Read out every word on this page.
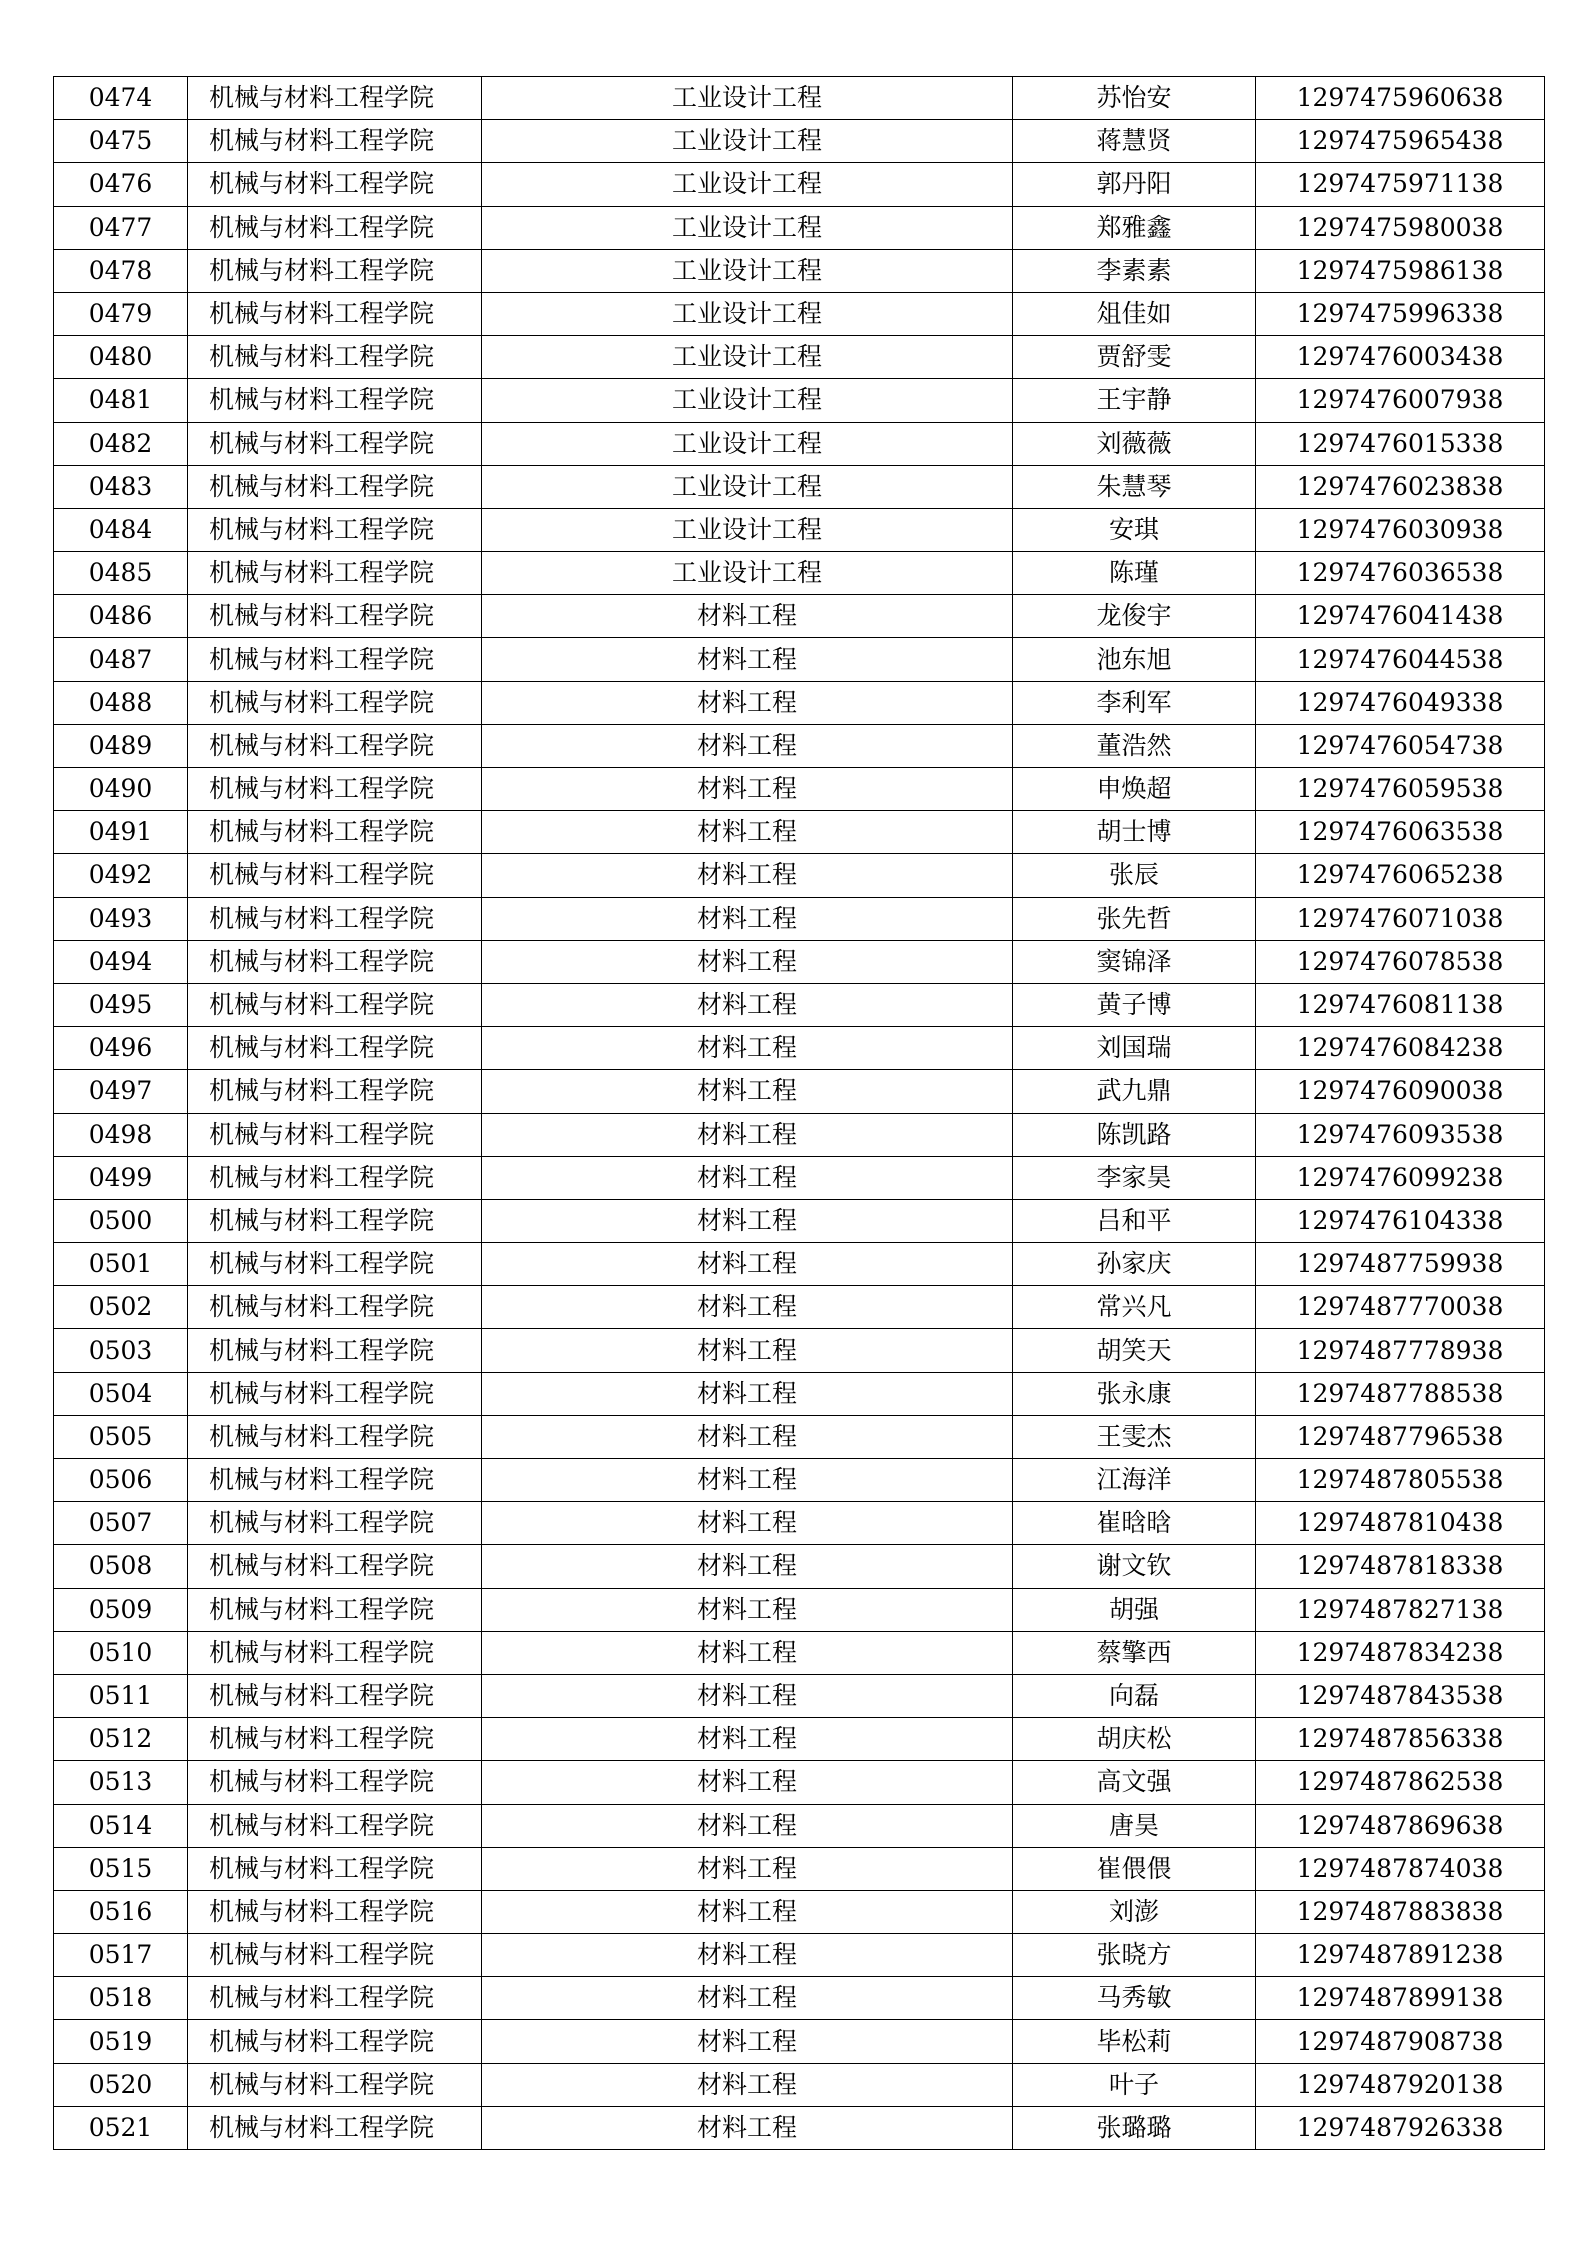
0474	机械与材料工程学院	工业设计工程	苏怡安	1297475960638
0475	机械与材料工程学院	工业设计工程	蒋慧贤	1297475965438
0476	机械与材料工程学院	工业设计工程	郭丹阳	1297475971138
0477	机械与材料工程学院	工业设计工程	郑雅鑫	1297475980038
0478	机械与材料工程学院	工业设计工程	李素素	1297475986138
0479	机械与材料工程学院	工业设计工程	俎佳如	1297475996338
0480	机械与材料工程学院	工业设计工程	贾舒雯	1297476003438
0481	机械与材料工程学院	工业设计工程	王宇静	1297476007938
0482	机械与材料工程学院	工业设计工程	刘薇薇	1297476015338
0483	机械与材料工程学院	工业设计工程	朱慧琴	1297476023838
0484	机械与材料工程学院	工业设计工程	安琪	1297476030938
0485	机械与材料工程学院	工业设计工程	陈瑾	1297476036538
0486	机械与材料工程学院	材料工程	龙俊宇	1297476041438
0487	机械与材料工程学院	材料工程	池东旭	1297476044538
0488	机械与材料工程学院	材料工程	李利军	1297476049338
0489	机械与材料工程学院	材料工程	董浩然	1297476054738
0490	机械与材料工程学院	材料工程	申焕超	1297476059538
0491	机械与材料工程学院	材料工程	胡士博	1297476063538
0492	机械与材料工程学院	材料工程	张辰	1297476065238
0493	机械与材料工程学院	材料工程	张先哲	1297476071038
0494	机械与材料工程学院	材料工程	窦锦泽	1297476078538
0495	机械与材料工程学院	材料工程	黄子博	1297476081138
0496	机械与材料工程学院	材料工程	刘国瑞	1297476084238
0497	机械与材料工程学院	材料工程	武九鼎	1297476090038
0498	机械与材料工程学院	材料工程	陈凯路	1297476093538
0499	机械与材料工程学院	材料工程	李家昊	1297476099238
0500	机械与材料工程学院	材料工程	吕和平	1297476104338
0501	机械与材料工程学院	材料工程	孙家庆	1297487759938
0502	机械与材料工程学院	材料工程	常兴凡	1297487770038
0503	机械与材料工程学院	材料工程	胡笑天	1297487778938
0504	机械与材料工程学院	材料工程	张永康	1297487788538
0505	机械与材料工程学院	材料工程	王雯杰	1297487796538
0506	机械与材料工程学院	材料工程	江海洋	1297487805538
0507	机械与材料工程学院	材料工程	崔晗晗	1297487810438
0508	机械与材料工程学院	材料工程	谢文钦	1297487818338
0509	机械与材料工程学院	材料工程	胡强	1297487827138
0510	机械与材料工程学院	材料工程	蔡擎西	1297487834238
0511	机械与材料工程学院	材料工程	向磊	1297487843538
0512	机械与材料工程学院	材料工程	胡庆松	1297487856338
0513	机械与材料工程学院	材料工程	高文强	1297487862538
0514	机械与材料工程学院	材料工程	唐昊	1297487869638
0515	机械与材料工程学院	材料工程	崔偎偎	1297487874038
0516	机械与材料工程学院	材料工程	刘澎	1297487883838
0517	机械与材料工程学院	材料工程	张晓方	1297487891238
0518	机械与材料工程学院	材料工程	马秀敏	1297487899138
0519	机械与材料工程学院	材料工程	毕松莉	1297487908738
0520	机械与材料工程学院	材料工程	叶子	1297487920138
0521	机械与材料工程学院	材料工程	张璐璐	1297487926338
